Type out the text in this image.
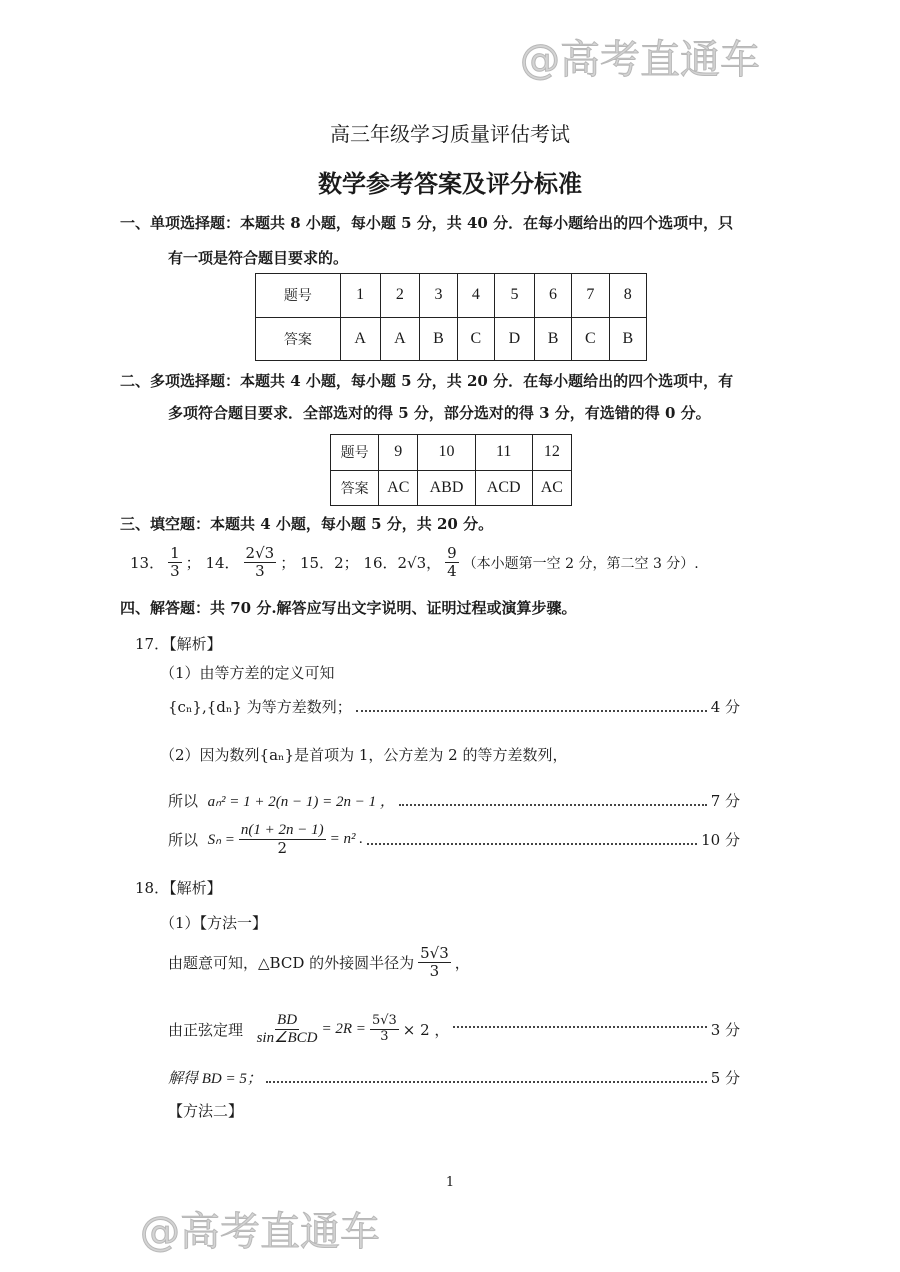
@高考直通车
@高考直通车
高三年级学习质量评估考试
数学参考答案及评分标准
一、单项选择题：本题共 8 小题，每小题 5 分，共 40 分．在每小题给出的四个选项中，只
有一项是符合题目要求的。
题号	1	2	3	4	5	6	7	8
答案	A	A	B	C	D	B	C	B
二、多项选择题：本题共 4 小题，每小题 5 分，共 20 分．在每小题给出的四个选项中，有
多项符合题目要求．全部选对的得 5 分，部分选对的得 3 分，有选错的得 0 分。
题号	9	10	11	12
答案	AC	ABD	ACD	AC
三、填空题：本题共 4 小题，每小题 5 分，共 20 分。
13． $\frac{1}{3}$ ；
14． $\frac{2√3}{3}$ ；
15．2；
16．2√3， $\frac{9}{4}$ （本小题第一空 2 分，第二空 3 分）.
四、解答题：共 70 分.解答应写出文字说明、证明过程或演算步骤。
17．【解析】
（1）由等方差的定义可知
{cₙ},{dₙ} 为等方差数列；	4 分
（2）因为数列{aₙ}是首项为 1，公方差为 2 的等方差数列，
所以
aₙ² = 1 + 2(n − 1) = 2n − 1 ，	7 分
所以
$S_n = \frac{n(1 + 2n - 1)}{2} = n^2$ .	10 分
18．【解析】
（1）【方法一】
由题意可知，△BCD 的外接圆半径为 $\frac{5√3}{3}$ ，
由正弦定理
$\frac{BD}{\text{sin∠BCD}} = 2R = \frac{5√3}{3} \times 2$ ，	3 分
解得 BD = 5；	5 分
【方法二】
1
